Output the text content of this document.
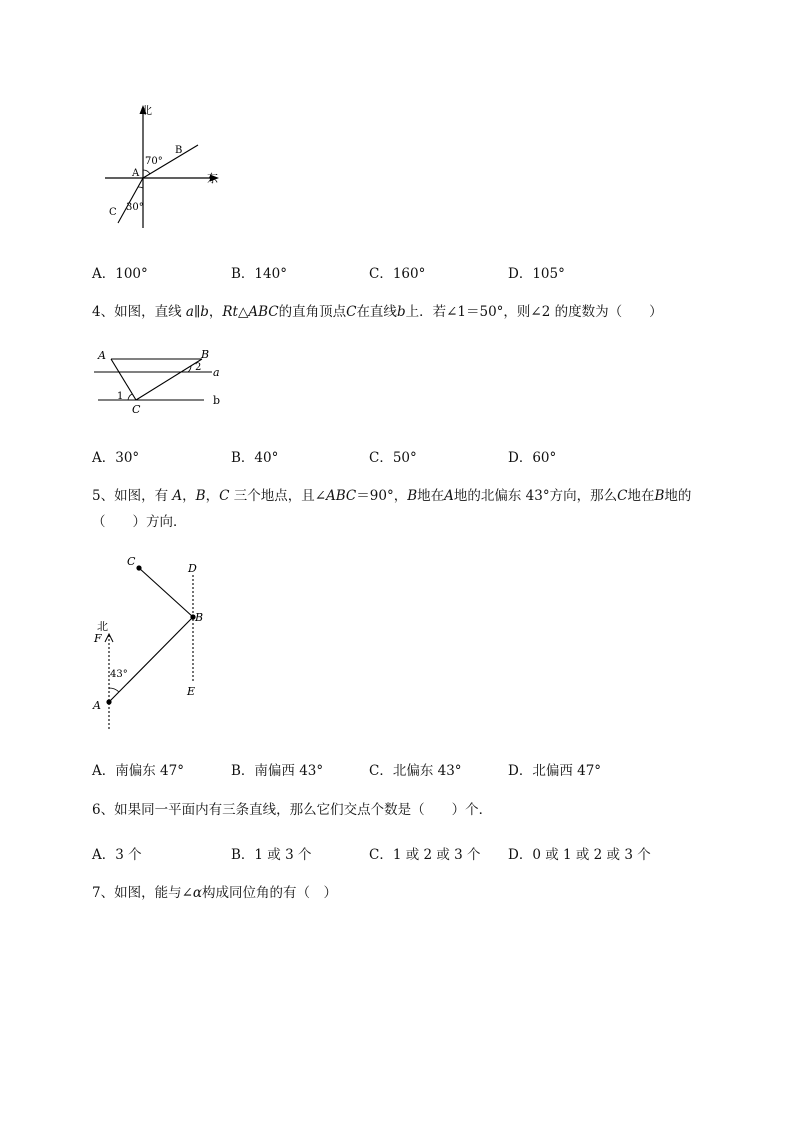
北
东
A
B
C
70°
30°
A．100°	B．140°	C．160°	D．105°
4、如图，直线 a∥b，Rt△ABC的直角顶点C在直线b上．若∠1＝50°，则∠2 的度数为（　　）
A	B
C
1
2 a
b
A．30°	B．40°	C．50°	D．60°
5、如图，有 A，B，C 三个地点，且∠ABC＝90°，B地在A地的北偏东 43°方向，那么C地在B地的
（　　）方向．
C
D
B
北
F
43°
A
E
A．南偏东 47°	B．南偏西 43°	C．北偏东 43°	D．北偏西 47°
6、如果同一平面内有三条直线，那么它们交点个数是（　　）个．
A．3 个	B．1 或 3 个	C．1 或 2 或 3 个 D．0 或 1 或 2 或 3 个
7、如图，能与∠α构成同位角的有（　）
